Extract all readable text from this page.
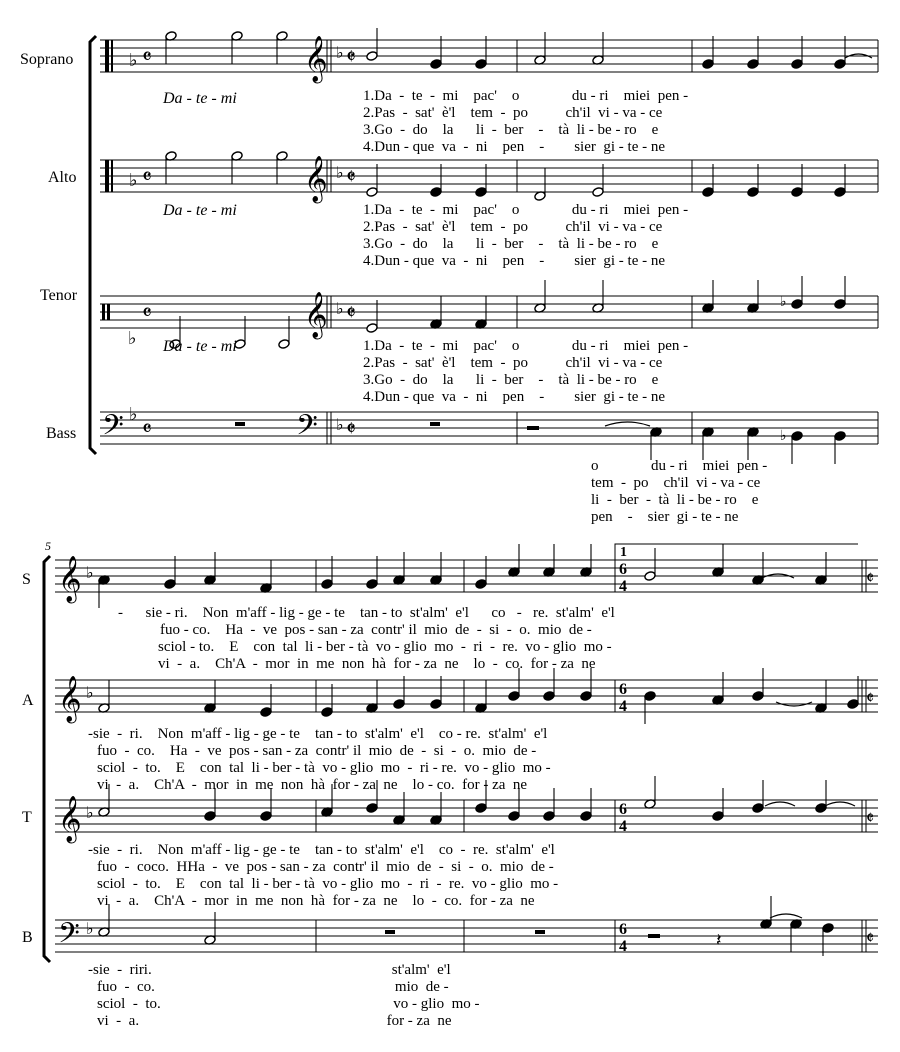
♭ 𝄴
♭ 𝄴
♭
𝄴
𝄢 ♭
𝄴
𝄞
𝄞
𝄞
𝄢
♭ 𝄵
♭ 𝄵
♭ 𝄵
♭ 𝄵
♭
♭
𝄞 ♭	𝄵
6
4
𝄞 ♭	𝄵
6
4
𝄞 ♭	𝄵
6
4
𝄢 ♭	𝄵
6
4	𝄽
Soprano
Alto
Tenor
Bass
Da - te - mi
Da - te - mi
Da - te - mi
1.Da  -  te  -  mi    pac'    o              du - ri    miei  pen -
2.Pas  -  sat'  è'l    tem  -  po          ch'il  vi - va - ce
3.Go  -  do    la      li  -  ber    -    tà  li - be - ro    e
4.Dun - que  va  -  ni    pen    -        sier  gi - te - ne
1.Da  -  te  -  mi    pac'    o              du - ri    miei  pen -
2.Pas  -  sat'  è'l    tem  -  po          ch'il  vi - va - ce
3.Go  -  do    la      li  -  ber    -    tà  li - be - ro    e
4.Dun - que  va  -  ni    pen    -        sier  gi - te - ne
1.Da  -  te  -  mi    pac'    o              du - ri    miei  pen -
2.Pas  -  sat'  è'l    tem  -  po          ch'il  vi - va - ce
3.Go  -  do    la      li  -  ber    -    tà  li - be - ro    e
4.Dun - que  va  -  ni    pen    -        sier  gi - te - ne
o              du - ri    miei  pen -
tem  -  po    ch'il  vi - va - ce
li  -  ber  -  tà  li - be - ro    e
pen    -    sier  gi - te - ne
5	1
S
A
T
B
-      sie - ri.    Non  m'aff - lig - ge - te    tan - to  st'alm'  e'l      co   -   re.  st'alm'  e'l
fuo - co.    Ha  -  ve  pos - san - za  contr' il  mio  de  -  si  -  o.  mio  de -
sciol - to.    E    con  tal  li - ber - tà  vo - glio  mo  -  ri  -  re.  vo - glio  mo -
vi  -  a.    Ch'A  -  mor  in  me  non  hà  for - za  ne    lo  -  co.  for - za  ne
-sie  -  ri.    Non  m'aff - lig - ge - te    tan - to  st'alm'  e'l    co - re.  st'alm'  e'l
fuo  -  co.    Ha  -  ve  pos - san - za  contr' il  mio  de  -  si  -  o.  mio  de -
sciol  -  to.    E    con  tal  li - ber - tà  vo - glio  mo  -  ri - re.  vo - glio  mo -
vi  -  a.    Ch'A  -  mor  in  me  non  hà  for - za  ne    lo - co.  for - za  ne
-sie  -  ri.    Non  m'aff - lig - ge - te    tan - to  st'alm'  e'l    co  -  re.  st'alm'  e'l
fuo  -  coco.  HHa  -  ve  pos - san - za  contr' il  mio  de  -  si  -  o.  mio  de -
sciol  -  to.    E    con  tal  li - ber - tà  vo - glio  mo  -  ri  -  re.  vo - glio  mo -
vi  -  a.    Ch'A  -  mor  in  me  non  hà  for - za  ne    lo  -  co.  for - za  ne
-sie  -  riri.                                                                st'alm'  e'l
fuo  -  co.                                                                mio  de -
sciol  -  to.                                                              vo - glio  mo -
vi  -  a.                                                                  for - za  ne
